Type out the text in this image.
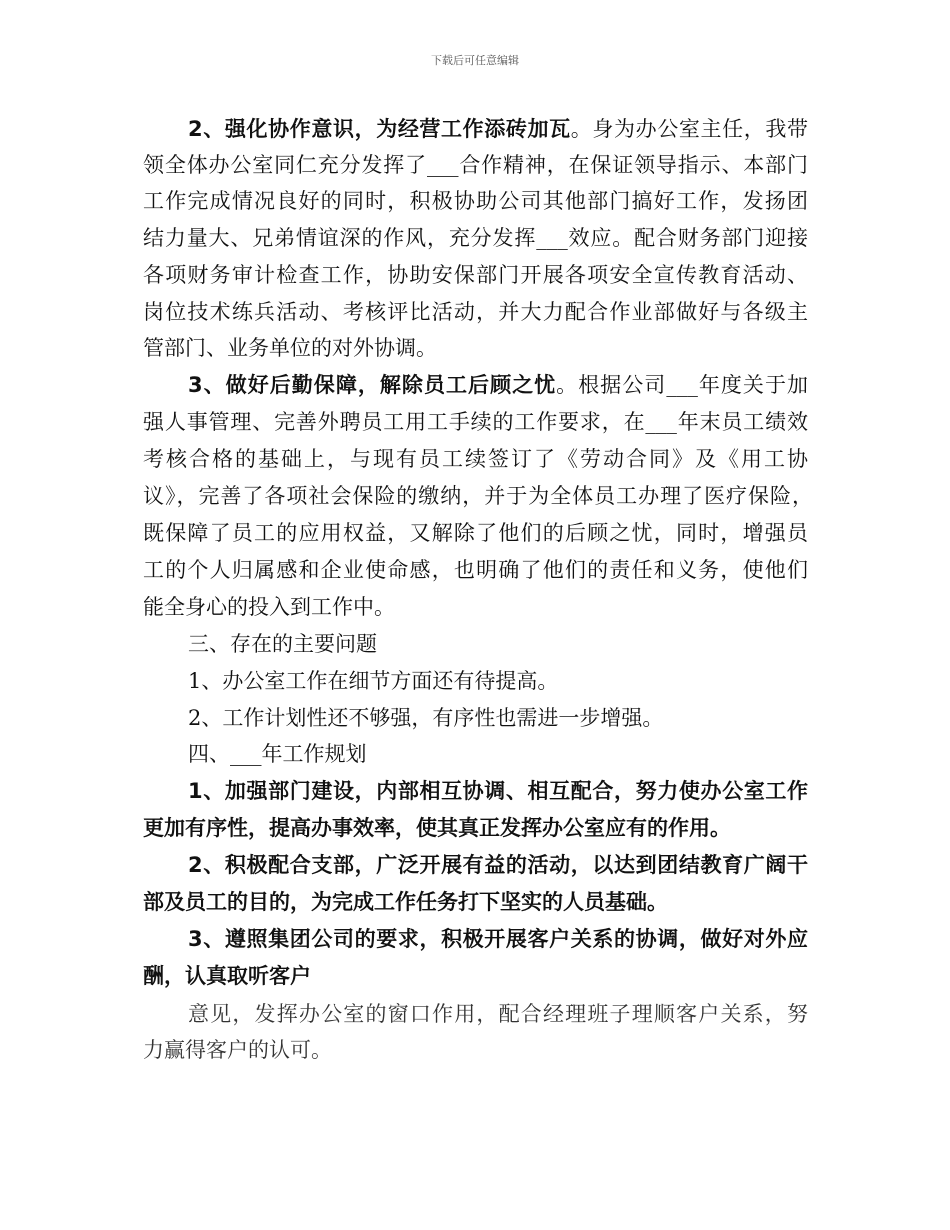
下载后可任意编辑
2、强化协作意识，为经营工作添砖加瓦。身为办公室主任，我带
领全体办公室同仁充分发挥了___合作精神，在保证领导指示、本部门
工作完成情况良好的同时，积极协助公司其他部门搞好工作，发扬团
结力量大、兄弟情谊深的作风，充分发挥___效应。配合财务部门迎接
各项财务审计检查工作，协助安保部门开展各项安全宣传教育活动、
岗位技术练兵活动、考核评比活动，并大力配合作业部做好与各级主
管部门、业务单位的对外协调。
3、做好后勤保障，解除员工后顾之忧。根据公司___年度关于加
强人事管理、完善外聘员工用工手续的工作要求，在___年末员工绩效
考核合格的基础上，与现有员工续签订了《劳动合同》及《用工协
议》，完善了各项社会保险的缴纳，并于为全体员工办理了医疗保险，
既保障了员工的应用权益，又解除了他们的后顾之忧，同时，增强员
工的个人归属感和企业使命感，也明确了他们的责任和义务，使他们
能全身心的投入到工作中。
三、存在的主要问题
1、办公室工作在细节方面还有待提高。
2、工作计划性还不够强，有序性也需进一步增强。
四、___年工作规划
1、加强部门建设，内部相互协调、相互配合，努力使办公室工作
更加有序性，提高办事效率，使其真正发挥办公室应有的作用。
2、积极配合支部，广泛开展有益的活动，以达到团结教育广阔干
部及员工的目的，为完成工作任务打下坚实的人员基础。
3、遵照集团公司的要求，积极开展客户关系的协调，做好对外应
酬，认真取听客户
意见，发挥办公室的窗口作用，配合经理班子理顺客户关系，努
力赢得客户的认可。
